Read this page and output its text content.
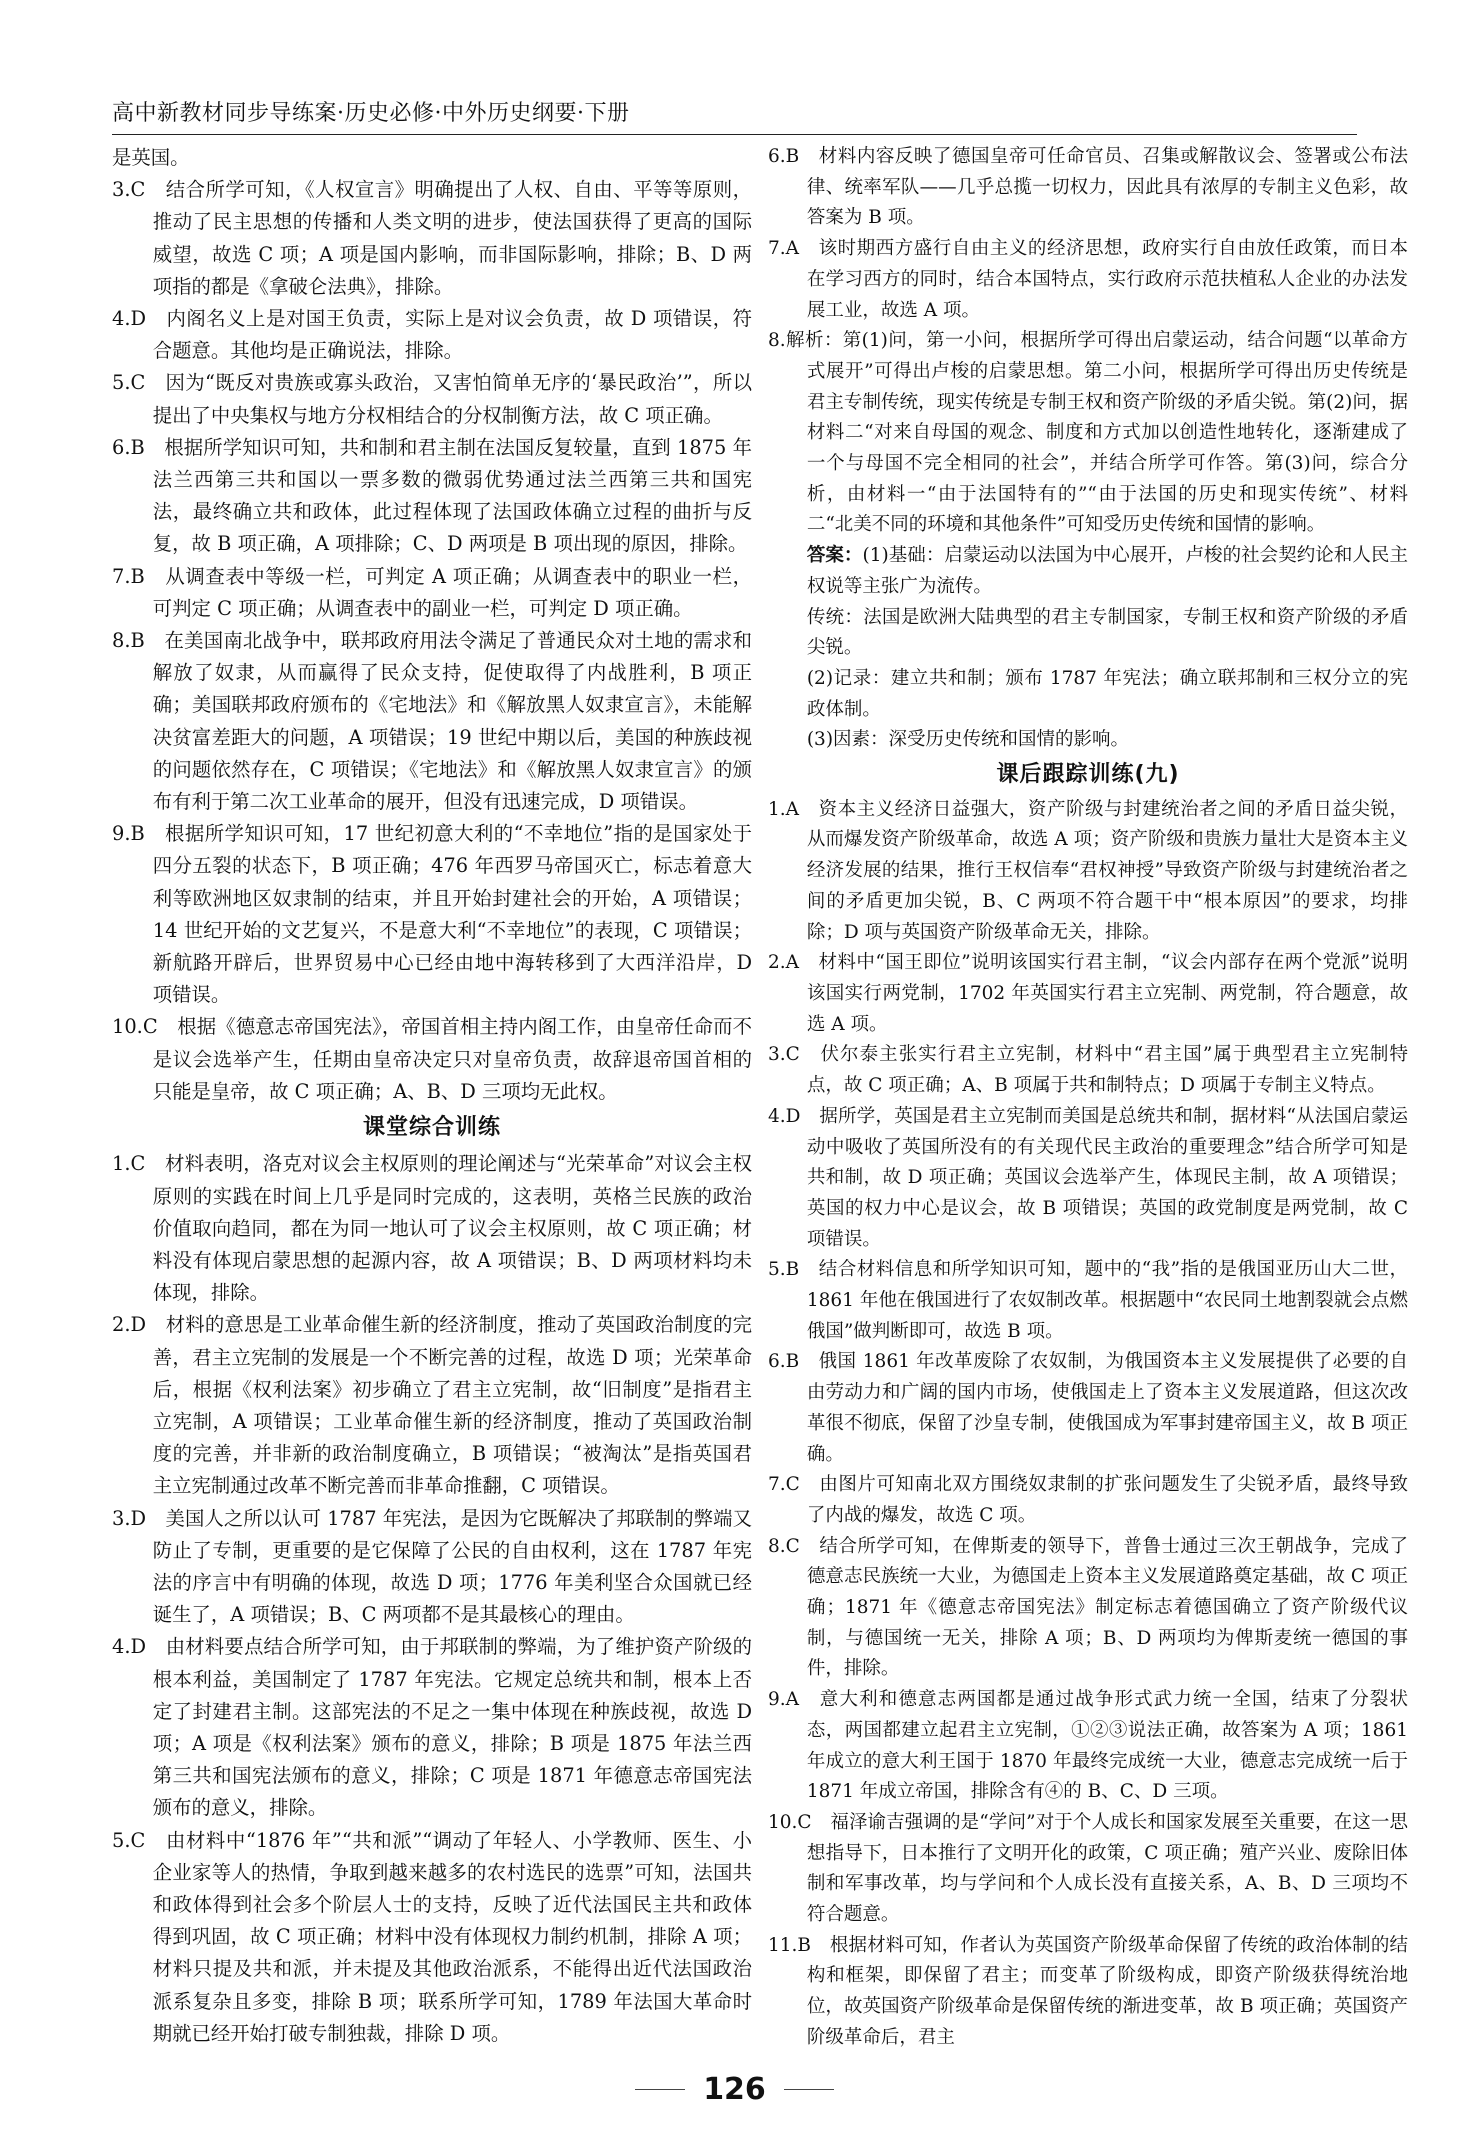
高中新教材同步导练案·历史必修·中外历史纲要·下册

是英国。

3.C　结合所学可知，《人权宣言》明确提出了人权、自由、平等等原则，推动了民主思想的传播和人类文明的进步，使法国获得了更高的国际威望，故选 C 项；A 项是国内影响，而非国际影响，排除；B、D 两项指的都是《拿破仑法典》，排除。

4.D　内阁名义上是对国王负责，实际上是对议会负责，故 D 项错误，符合题意。其他均是正确说法，排除。

5.C　因为“既反对贵族或寡头政治，又害怕简单无序的‘暴民政治’”，所以提出了中央集权与地方分权相结合的分权制衡方法，故 C 项正确。

6.B　根据所学知识可知，共和制和君主制在法国反复较量，直到 1875 年法兰西第三共和国以一票多数的微弱优势通过法兰西第三共和国宪法，最终确立共和政体，此过程体现了法国政体确立过程的曲折与反复，故 B 项正确，A 项排除；C、D 两项是 B 项出现的原因，排除。

7.B　从调查表中等级一栏，可判定 A 项正确；从调查表中的职业一栏，可判定 C 项正确；从调查表中的副业一栏，可判定 D 项正确。

8.B　在美国南北战争中，联邦政府用法令满足了普通民众对土地的需求和解放了奴隶，从而赢得了民众支持，促使取得了内战胜利，B 项正确；美国联邦政府颁布的《宅地法》和《解放黑人奴隶宣言》，未能解决贫富差距大的问题，A 项错误；19 世纪中期以后，美国的种族歧视的问题依然存在，C 项错误；《宅地法》和《解放黑人奴隶宣言》的颁布有利于第二次工业革命的展开，但没有迅速完成，D 项错误。

9.B　根据所学知识可知，17 世纪初意大利的“不幸地位”指的是国家处于四分五裂的状态下，B 项正确；476 年西罗马帝国灭亡，标志着意大利等欧洲地区奴隶制的结束，并且开始封建社会的开始，A 项错误；14 世纪开始的文艺复兴，不是意大利“不幸地位”的表现，C 项错误；新航路开辟后，世界贸易中心已经由地中海转移到了大西洋沿岸，D 项错误。

10.C　根据《德意志帝国宪法》，帝国首相主持内阁工作，由皇帝任命而不是议会选举产生，任期由皇帝决定只对皇帝负责，故辞退帝国首相的只能是皇帝，故 C 项正确；A、B、D 三项均无此权。

课堂综合训练

1.C　材料表明，洛克对议会主权原则的理论阐述与“光荣革命”对议会主权原则的实践在时间上几乎是同时完成的，这表明，英格兰民族的政治价值取向趋同，都在为同一地认可了议会主权原则，故 C 项正确；材料没有体现启蒙思想的起源内容，故 A 项错误；B、D 两项材料均未体现，排除。

2.D　材料的意思是工业革命催生新的经济制度，推动了英国政治制度的完善，君主立宪制的发展是一个不断完善的过程，故选 D 项；光荣革命后，根据《权利法案》初步确立了君主立宪制，故“旧制度”是指君主立宪制，A 项错误；工业革命催生新的经济制度，推动了英国政治制度的完善，并非新的政治制度确立，B 项错误；“被淘汰”是指英国君主立宪制通过改革不断完善而非革命推翻，C 项错误。

3.D　美国人之所以认可 1787 年宪法，是因为它既解决了邦联制的弊端又防止了专制，更重要的是它保障了公民的自由权利，这在 1787 年宪法的序言中有明确的体现，故选 D 项；1776 年美利坚合众国就已经诞生了，A 项错误；B、C 两项都不是其最核心的理由。

4.D　由材料要点结合所学可知，由于邦联制的弊端，为了维护资产阶级的根本利益，美国制定了 1787 年宪法。它规定总统共和制，根本上否定了封建君主制。这部宪法的不足之一集中体现在种族歧视，故选 D 项；A 项是《权利法案》颁布的意义，排除；B 项是 1875 年法兰西第三共和国宪法颁布的意义，排除；C 项是 1871 年德意志帝国宪法颁布的意义，排除。

5.C　由材料中“1876 年”“共和派”“调动了年轻人、小学教师、医生、小企业家等人的热情，争取到越来越多的农村选民的选票”可知，法国共和政体得到社会多个阶层人士的支持，反映了近代法国民主共和政体得到巩固，故 C 项正确；材料中没有体现权力制约机制，排除 A 项；材料只提及共和派，并未提及其他政治派系，不能得出近代法国政治派系复杂且多变，排除 B 项；联系所学可知，1789 年法国大革命时期就已经开始打破专制独裁，排除 D 项。

6.B　材料内容反映了德国皇帝可任命官员、召集或解散议会、签署或公布法律、统率军队——几乎总揽一切权力，因此具有浓厚的专制主义色彩，故答案为 B 项。

7.A　该时期西方盛行自由主义的经济思想，政府实行自由放任政策，而日本在学习西方的同时，结合本国特点，实行政府示范扶植私人企业的办法发展工业，故选 A 项。

8.解析：第(1)问，第一小问，根据所学可得出启蒙运动，结合问题“以革命方式展开”可得出卢梭的启蒙思想。第二小问，根据所学可得出历史传统是君主专制传统，现实传统是专制王权和资产阶级的矛盾尖锐。第(2)问，据材料二“对来自母国的观念、制度和方式加以创造性地转化，逐渐建成了一个与母国不完全相同的社会”，并结合所学可作答。第(3)问，综合分析，由材料一“由于法国特有的”“由于法国的历史和现实传统”、材料二“北美不同的环境和其他条件”可知受历史传统和国情的影响。

答案：(1)基础：启蒙运动以法国为中心展开，卢梭的社会契约论和人民主权说等主张广为流传。

传统：法国是欧洲大陆典型的君主专制国家，专制王权和资产阶级的矛盾尖锐。

(2)记录：建立共和制；颁布 1787 年宪法；确立联邦制和三权分立的宪政体制。

(3)因素：深受历史传统和国情的影响。

课后跟踪训练(九)

1.A　资本主义经济日益强大，资产阶级与封建统治者之间的矛盾日益尖锐，从而爆发资产阶级革命，故选 A 项；资产阶级和贵族力量壮大是资本主义经济发展的结果，推行王权信奉“君权神授”导致资产阶级与封建统治者之间的矛盾更加尖锐，B、C 两项不符合题干中“根本原因”的要求，均排除；D 项与英国资产阶级革命无关，排除。

2.A　材料中“国王即位”说明该国实行君主制，“议会内部存在两个党派”说明该国实行两党制，1702 年英国实行君主立宪制、两党制，符合题意，故选 A 项。

3.C　伏尔泰主张实行君主立宪制，材料中“君主国”属于典型君主立宪制特点，故 C 项正确；A、B 项属于共和制特点；D 项属于专制主义特点。

4.D　据所学，英国是君主立宪制而美国是总统共和制，据材料“从法国启蒙运动中吸收了英国所没有的有关现代民主政治的重要理念”结合所学可知是共和制，故 D 项正确；英国议会选举产生，体现民主制，故 A 项错误；英国的权力中心是议会，故 B 项错误；英国的政党制度是两党制，故 C 项错误。

5.B　结合材料信息和所学知识可知，题中的“我”指的是俄国亚历山大二世，1861 年他在俄国进行了农奴制改革。根据题中“农民同土地割裂就会点燃俄国”做判断即可，故选 B 项。

6.B　俄国 1861 年改革废除了农奴制，为俄国资本主义发展提供了必要的自由劳动力和广阔的国内市场，使俄国走上了资本主义发展道路，但这次改革很不彻底，保留了沙皇专制，使俄国成为军事封建帝国主义，故 B 项正确。

7.C　由图片可知南北双方围绕奴隶制的扩张问题发生了尖锐矛盾，最终导致了内战的爆发，故选 C 项。

8.C　结合所学可知，在俾斯麦的领导下，普鲁士通过三次王朝战争，完成了德意志民族统一大业，为德国走上资本主义发展道路奠定基础，故 C 项正确；1871 年《德意志帝国宪法》制定标志着德国确立了资产阶级代议制，与德国统一无关，排除 A 项；B、D 两项均为俾斯麦统一德国的事件，排除。

9.A　意大利和德意志两国都是通过战争形式武力统一全国，结束了分裂状态，两国都建立起君主立宪制，①②③说法正确，故答案为 A 项；1861 年成立的意大利王国于 1870 年最终完成统一大业，德意志完成统一后于 1871 年成立帝国，排除含有④的 B、C、D 三项。

10.C　福泽谕吉强调的是“学问”对于个人成长和国家发展至关重要，在这一思想指导下，日本推行了文明开化的政策，C 项正确；殖产兴业、废除旧体制和军事改革，均与学问和个人成长没有直接关系，A、B、D 三项均不符合题意。

11.B　根据材料可知，作者认为英国资产阶级革命保留了传统的政治体制的结构和框架，即保留了君主；而变革了阶级构成，即资产阶级获得统治地位，故英国资产阶级革命是保留传统的渐进变革，故 B 项正确；英国资产阶级革命后，君主

126
